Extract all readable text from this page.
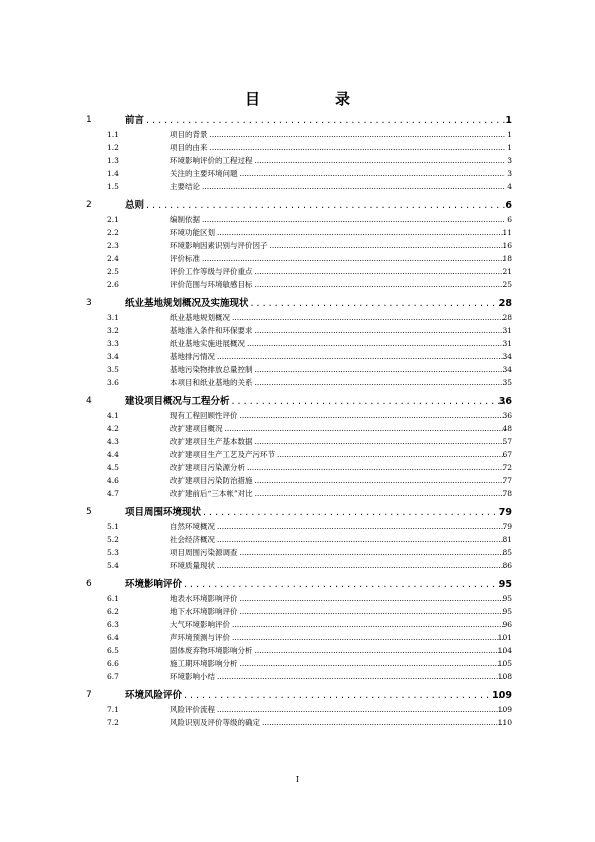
目　录
1	前言 . . .	1
1.1	项目的背景 .....	1
1.2	项目的由来 .....	1
1.3	环境影响评价的工程过程 .....	3
1.4	关注的主要环境问题 .....	3
1.5	主要结论 .....	4
2	总则 . . .	6
2.1	编制依据 .....	6
2.2	环境功能区划 .....	11
2.3	环境影响因素识别与评价因子 .....	16
2.4	评价标准 .....	18
2.5	评价工作等级与评价重点 .....	21
2.6	评价范围与环境敏感目标 .....	25
3	纸业基地规划概况及实施现状 . . .	28
3.1	纸业基地规划概况 .....	28
3.2	基地准入条件和环保要求 .....	31
3.3	纸业基地实施进展概况 .....	31
3.4	基地排污情况 .....	34
3.5	基地污染物排放总量控制 .....	34
3.6	本项目和纸业基地的关系 .....	35
4	建设项目概况与工程分析 . . .	36
4.1	现有工程回顾性评价 .....	36
4.2	改扩建项目概况 .....	48
4.3	改扩建项目生产基本数据 .....	57
4.4	改扩建项目生产工艺及产污环节 .....	67
4.5	改扩建项目污染源分析 .....	72
4.6	改扩建项目污染防治措施 .....	77
4.7	改扩建前后“三本帐”对比 .....	78
5	项目周围环境现状 . . .	79
5.1	自然环境概况 .....	79
5.2	社会经济概况 .....	81
5.3	项目周围污染源调查 .....	85
5.4	环境质量现状 .....	86
6	环境影响评价 . . .	95
6.1	地表水环境影响评价 .....	95
6.2	地下水环境影响评价 .....	95
6.3	大气环境影响评价 .....	96
6.4	声环境预测与评价 .....	101
6.5	固体废弃物环境影响分析 .....	104
6.6	施工期环境影响分析 .....	105
6.7	环境影响小结 .....	108
7	环境风险评价 . . .	109
7.1	风险评价流程 .....	109
7.2	风险识别及评价等级的确定 .....	110
I
